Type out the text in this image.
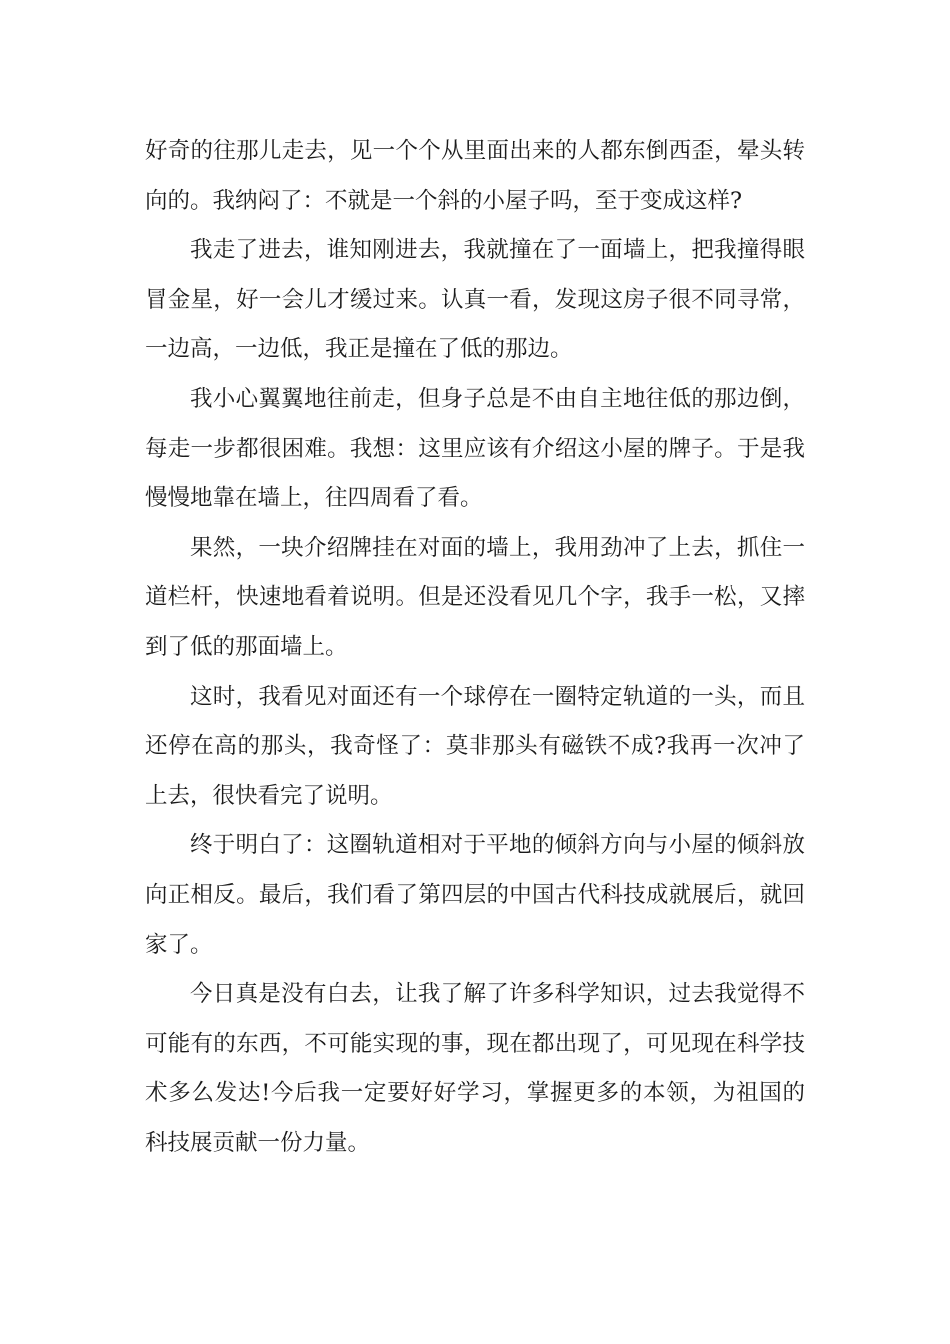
好奇的往那儿走去，见一个个从里面出来的人都东倒西歪，晕头转向的。我纳闷了：不就是一个斜的小屋子吗，至于变成这样?

我走了进去，谁知刚进去，我就撞在了一面墙上，把我撞得眼冒金星，好一会儿才缓过来。认真一看，发现这房子很不同寻常，一边高，一边低，我正是撞在了低的那边。

我小心翼翼地往前走，但身子总是不由自主地往低的那边倒，每走一步都很困难。我想：这里应该有介绍这小屋的牌子。于是我慢慢地靠在墙上，往四周看了看。

果然，一块介绍牌挂在对面的墙上，我用劲冲了上去，抓住一道栏杆，快速地看着说明。但是还没看见几个字，我手一松，又摔到了低的那面墙上。

这时，我看见对面还有一个球停在一圈特定轨道的一头，而且还停在高的那头，我奇怪了：莫非那头有磁铁不成?我再一次冲了上去，很快看完了说明。

终于明白了：这圈轨道相对于平地的倾斜方向与小屋的倾斜放向正相反。最后，我们看了第四层的中国古代科技成就展后，就回家了。

今日真是没有白去，让我了解了许多科学知识，过去我觉得不可能有的东西，不可能实现的事，现在都出现了，可见现在科学技术多么发达!今后我一定要好好学习，掌握更多的本领，为祖国的科技展贡献一份力量。
